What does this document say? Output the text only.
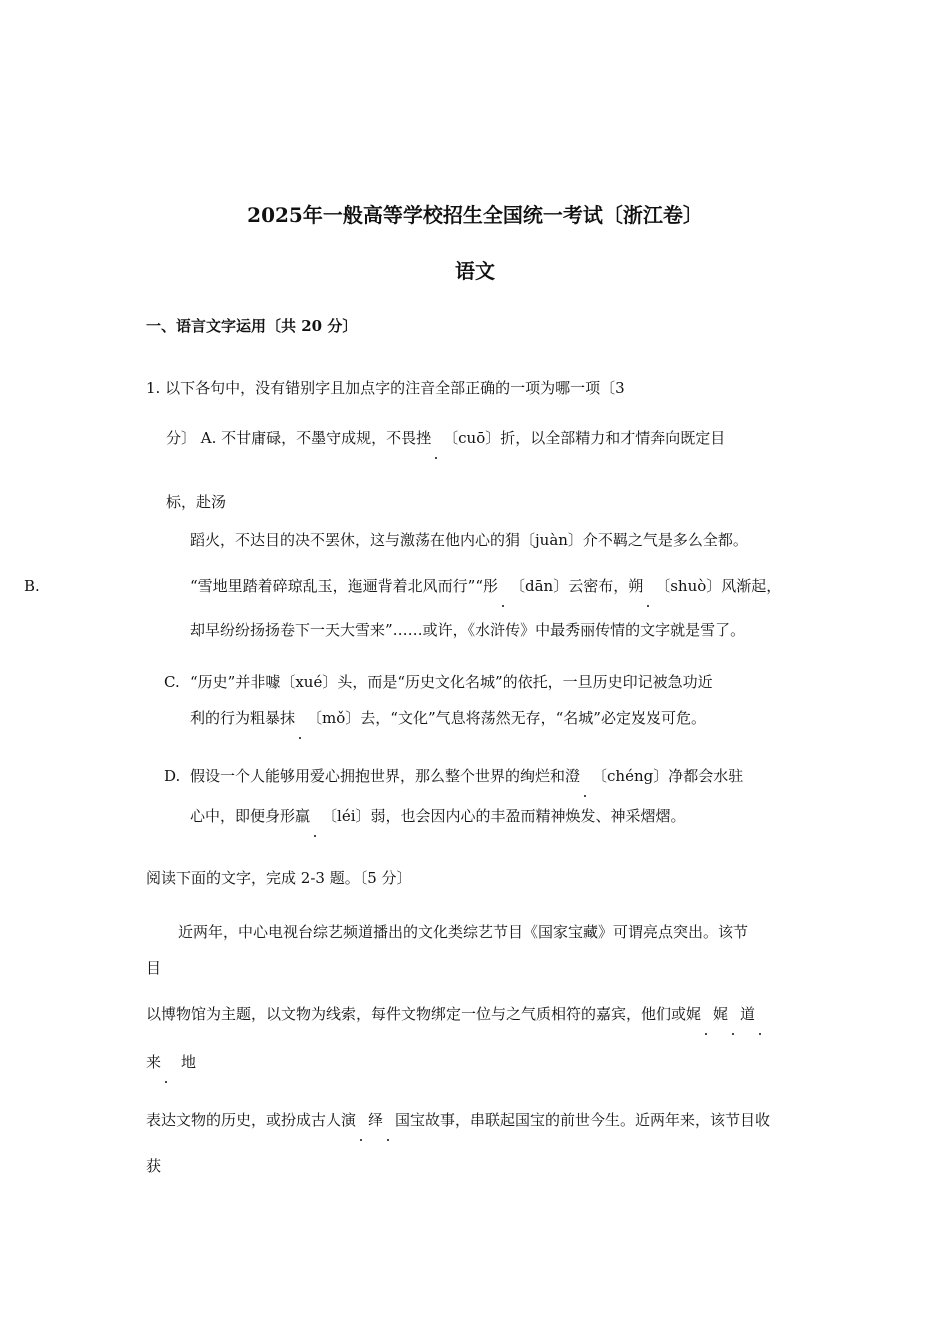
2025年一般高等学校招生全国统一考试〔浙江卷〕
语文
一、语言文字运用〔共 20 分〕
1. 以下各句中，没有错别字且加点字的注音全部正确的一项为哪一项〔3
分〕 A. 不甘庸碌，不墨守成规，不畏挫 〔cuō〕折，以全部精力和才情奔向既定目
标，赴汤
蹈火，不达目的决不罢休，这与激荡在他内心的狷〔juàn〕介不羁之气是多么全都。
B.	“雪地里踏着碎琼乱玉，迤逦背着北风而行”“彤 〔dān〕云密布，朔 〔shuò〕风渐起，
却早纷纷扬扬卷下一天大雪来”……或许，《水浒传》中最秀丽传情的文字就是雪了。
C. “历史”并非噱〔xué〕头，而是“历史文化名城”的依托，一旦历史印记被急功近
利的行为粗暴抹 〔mǒ〕去，“文化”气息将荡然无存，“名城”必定岌岌可危。
D. 假设一个人能够用爱心拥抱世界，那么整个世界的绚烂和澄 〔chéng〕净都会水驻
心中，即便身形羸 〔léi〕弱，也会因内心的丰盈而精神焕发、神采熠熠。
阅读下面的文字，完成 2-3 题。〔5 分〕
近两年，中心电视台综艺频道播出的文化类综艺节目《国家宝藏》可谓亮点突出。该节
目
以博物馆为主题，以文物为线索，每件文物绑定一位与之气质相符的嘉宾，他们或娓 娓 道
来 地
表达文物的历史，或扮成古人演 绎 国宝故事，串联起国宝的前世今生。近两年来，该节目收
获
